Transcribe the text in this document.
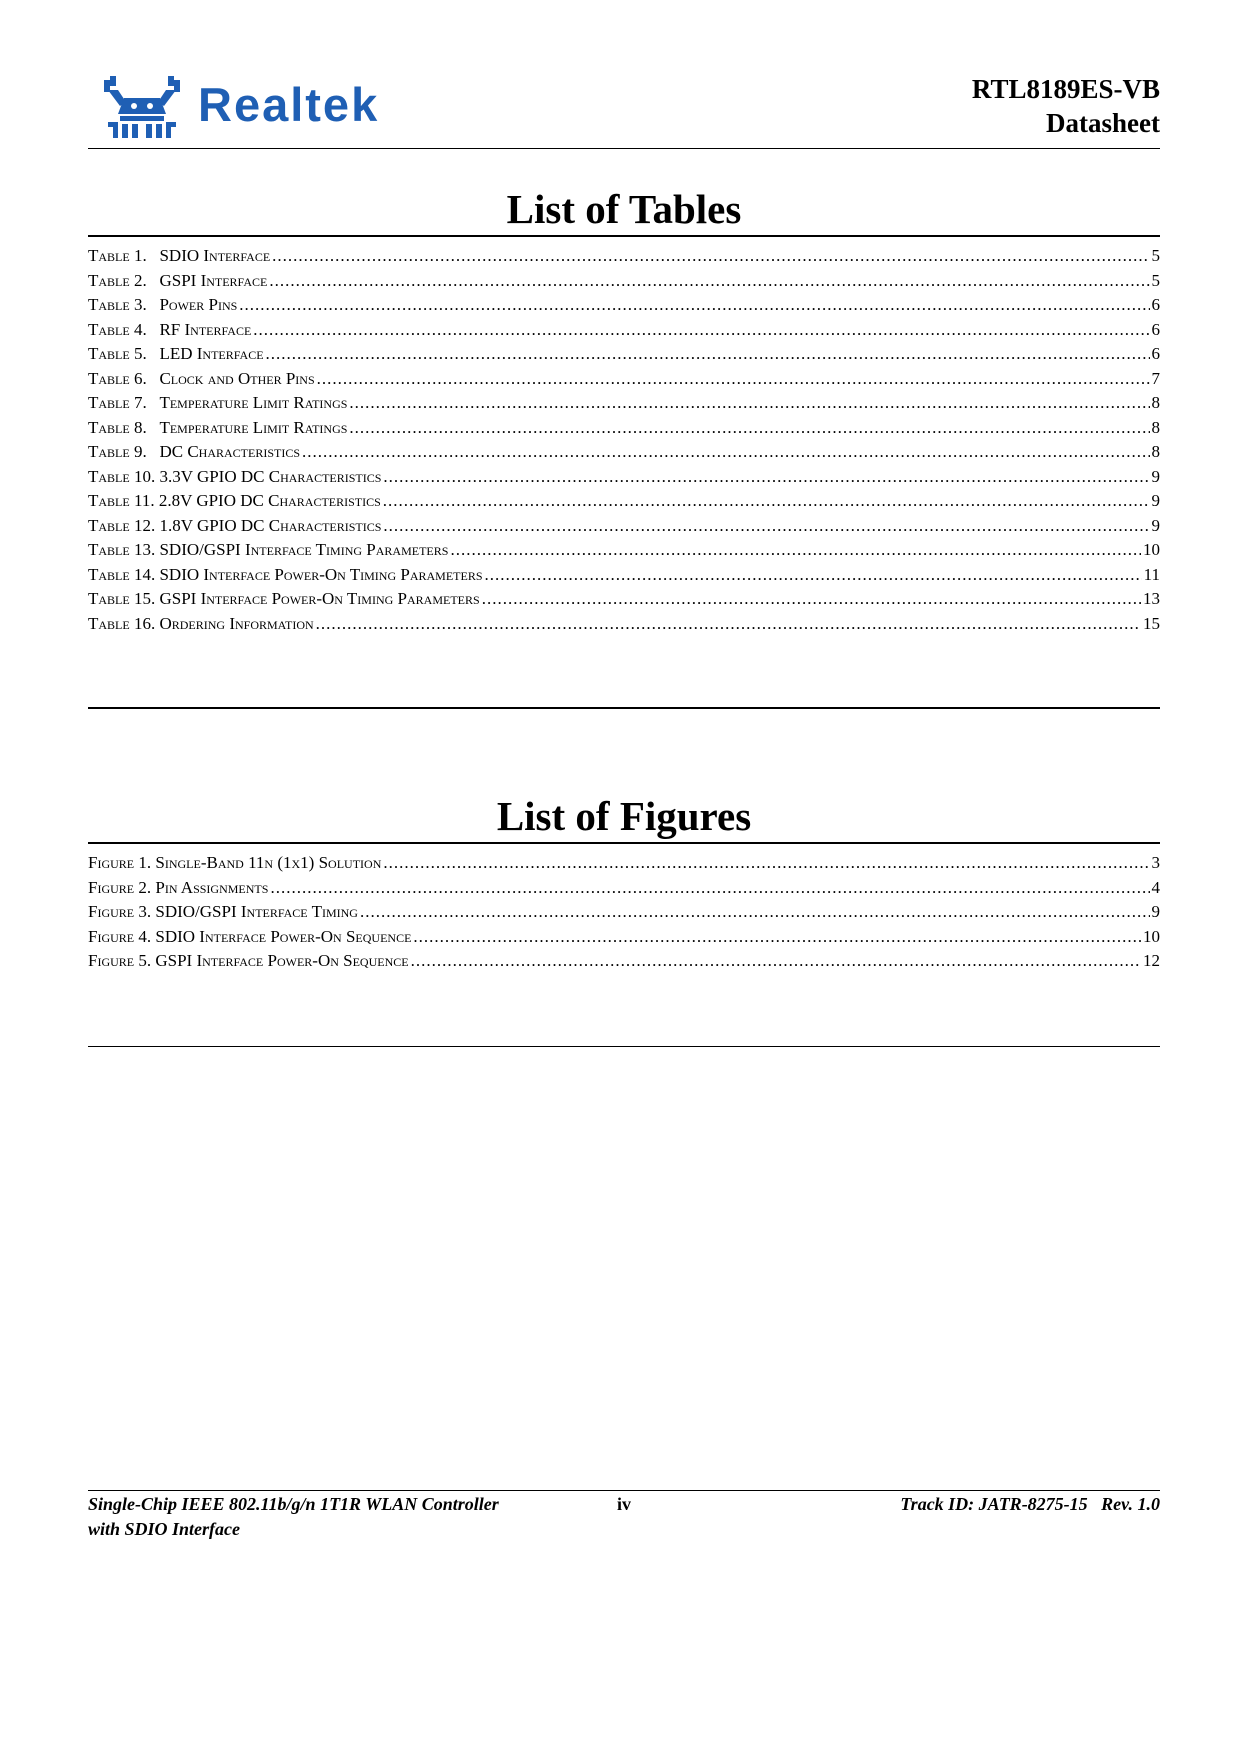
Realtek	RTL8189ES-VB
Datasheet
List of Tables
Table 1. SDIO Interface .....	5
Table 2. GSPI Interface .....	5
Table 3. Power Pins .....	6
Table 4. RF Interface .....	6
Table 5. LED Interface .....	6
Table 6. Clock and Other Pins .....	7
Table 7. Temperature Limit Ratings .....	8
Table 8. Temperature Limit Ratings .....	8
Table 9. DC Characteristics .....	8
Table 10. 3.3V GPIO DC Characteristics .....	9
Table 11. 2.8V GPIO DC Characteristics .....	9
Table 12. 1.8V GPIO DC Characteristics .....	9
Table 13. SDIO/GSPI Interface Timing Parameters .....	10
Table 14. SDIO Interface Power-On Timing Parameters .....	11
Table 15. GSPI Interface Power-On Timing Parameters .....	13
Table 16. Ordering Information .....	15
List of Figures
Figure 1. Single-Band 11n (1x1) Solution .....	3
Figure 2. Pin Assignments .....	4
Figure 3. SDIO/GSPI Interface Timing .....	9
Figure 4. SDIO Interface Power-On Sequence .....	10
Figure 5. GSPI Interface Power-On Sequence .....	12
Single-Chip IEEE 802.11b/g/n 1T1R WLAN Controller
with SDIO Interface
iv	Track ID: JATR-8275-15   Rev. 1.0
